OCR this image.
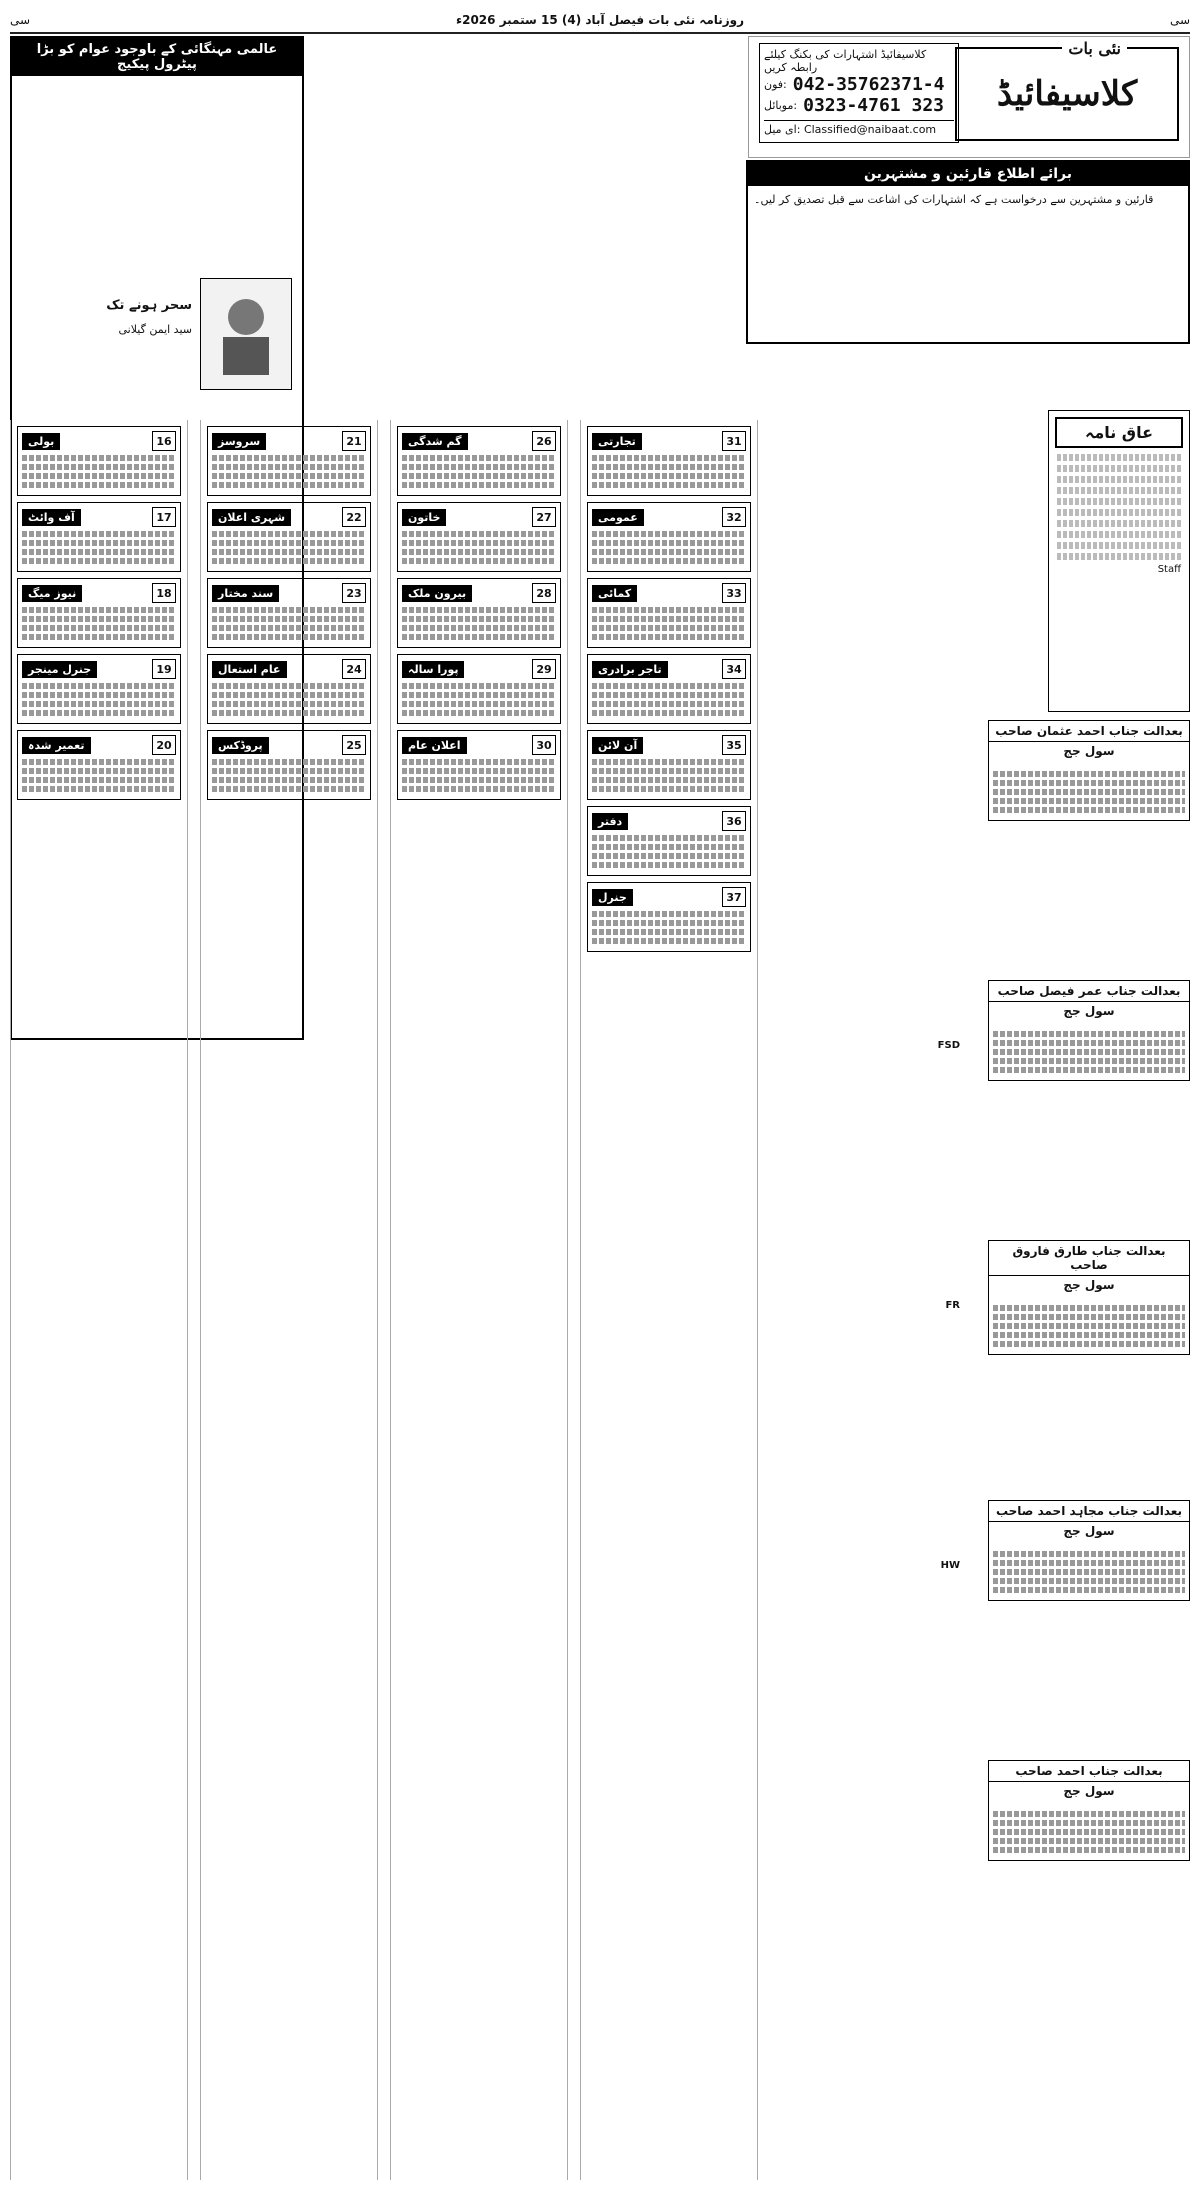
سی	روزنامہ نئی بات فیصل آباد (4) 15 ستمبر 2026ء	سی
عالمی مہنگائی کے باوجود عوام کو بڑا پیٹرول پیکیج
سحر ہونے تک
سید ایمن گیلانی
نئی بات
کلاسیفائیڈ
کلاسیفائیڈ اشتہارات کی بکنگ کیلئے رابطہ کریں
فون: 042-35762371-4
موبائل: 0323-4761 323
ای میل: Classified@naibaat.com
برائے اطلاع قارئین و مشتہرین
قارئین و مشتہرین سے درخواست ہے کہ اشتہارات کی اشاعت سے قبل تصدیق کر لیں۔
عاق نامہ
Staff
بولی	16
آف وائٹ	17
نیوز میگ	18
جنرل مینجر	19
تعمیر شدہ	20
سروسز	21
شہری اعلان	22
سند مختار	23
عام استعال	24
پروڈکس	25
گم شدگی	26
خاتون	27
بیرون ملک	28
پورا سالہ	29
اعلان عام	30
تجارتی	31
عمومی	32
کمائی	33
تاجر برادری	34
آن لائن	35
دفتر	36
جنرل	37
بعدالت جناب احمد عثمان صاحب
سول جج
بعدالت جناب عمر فیصل صاحب
سول جج
بعدالت جناب طارق فاروق صاحب
سول جج
بعدالت جناب مجاہد احمد صاحب
سول جج
بعدالت جناب احمد صاحب
سول جج
FSD
FR
HW
